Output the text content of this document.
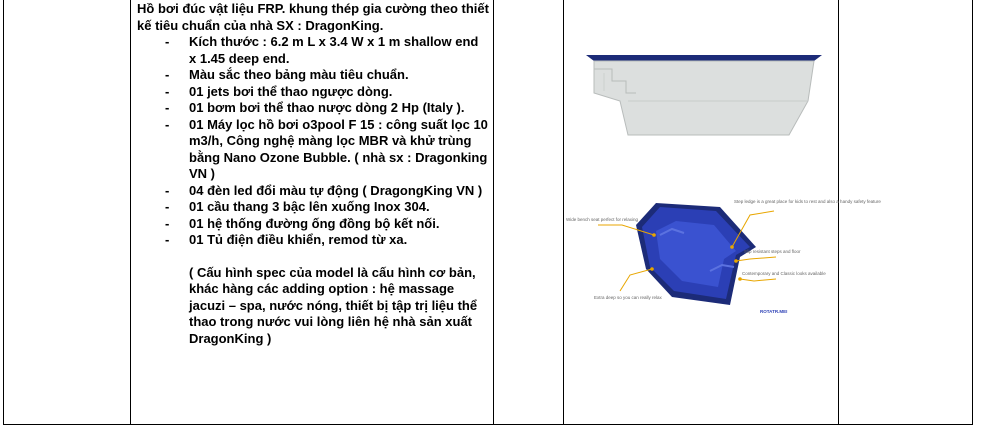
Hồ bơi đúc vật liệu FRP. khung thép gia cường theo thiết kế tiêu chuẩn của nhà SX : DragonKing.

- Kích thước : 6.2 m L x 3.4 W x 1 m shallow end x 1.45 deep end.
- Màu sắc theo bảng màu tiêu chuẩn.
- 01 jets bơi thể thao ngược dòng.
- 01 bơm bơi thể thao nược dòng 2 Hp (Italy ).
- 01 Máy lọc hồ bơi o3pool F 15 : công suất lọc 10 m3/h, Công nghệ màng lọc MBR và khử trùng bằng Nano Ozone Bubble. ( nhà sx : Dragonking VN )
- 04 đèn led đổi màu tự động ( DragongKing VN )
- 01 cầu thang 3 bậc lên xuống Inox 304.
- 01 hệ thống đường ống đồng bộ kết nối.
- 01 Tủ điện điều khiển, remod từ xa.

( Cấu hình spec của model là cấu hình cơ bản, khác hàng các adding option : hệ massage jacuzi – spa, nước nóng, thiết bị tập trị liệu thể thao trong nước vui lòng liên hệ nhà sản xuất DragonKing )

Wide bench seat perfect for relaxing
Step ledge is a great place for kids to rest and also a handy safety feature
Slip resistant steps and floor
Extra deep so you can really relax
Contemporary and Classic looks available
ROTATR.MEI
